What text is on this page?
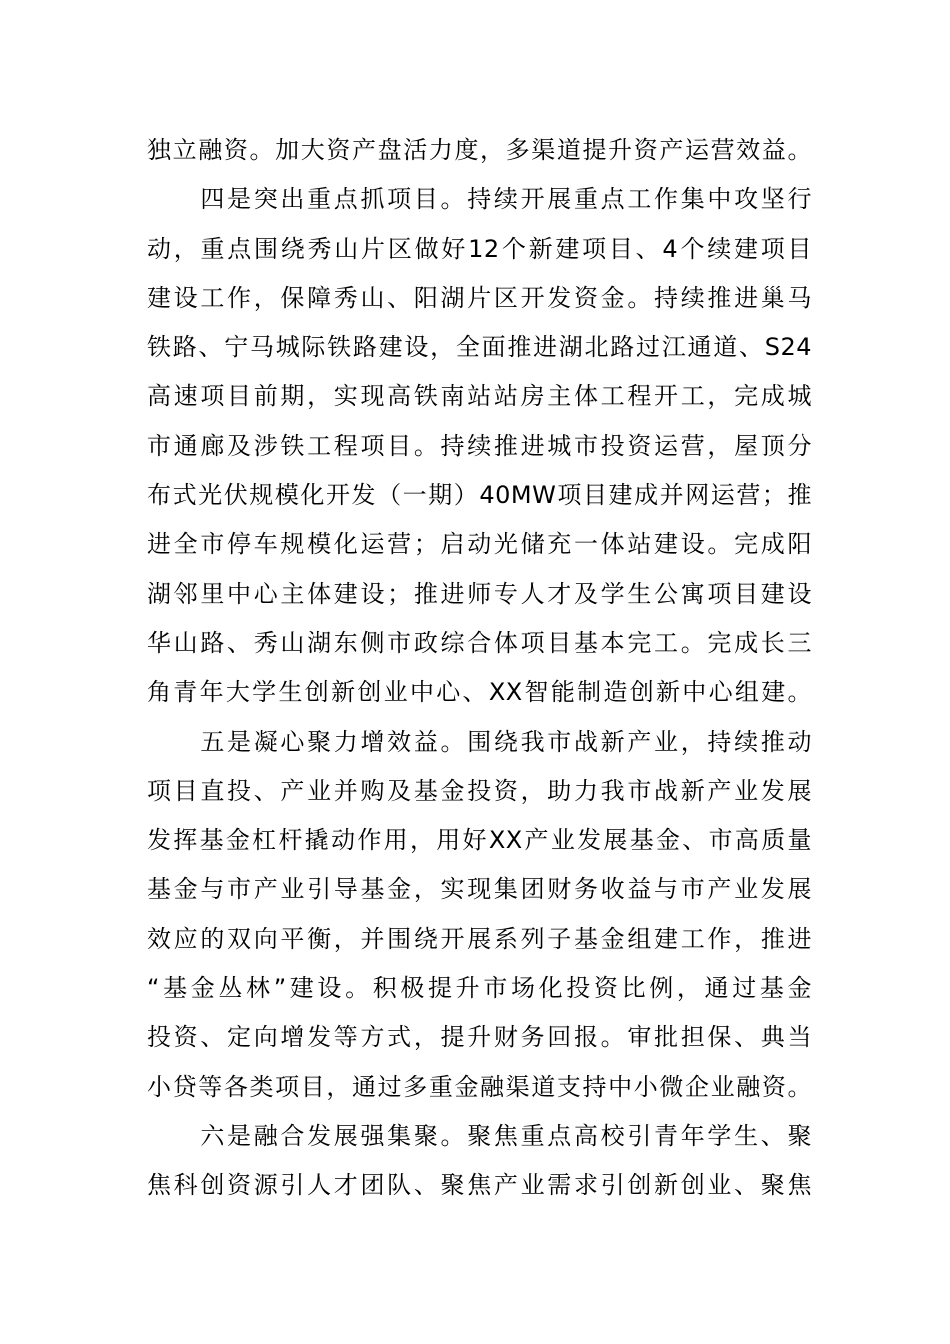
独立融资。加大资产盘活力度，多渠道提升资产运营效益。
　　四是突出重点抓项目。持续开展重点工作集中攻坚行
动，重点围绕秀山片区做好12个新建项目、4个续建项目
建设工作，保障秀山、阳湖片区开发资金。持续推进巢马
铁路、宁马城际铁路建设，全面推进湖北路过江通道、S24
高速项目前期，实现高铁南站站房主体工程开工，完成城
市通廊及涉铁工程项目。持续推进城市投资运营，屋顶分
布式光伏规模化开发（一期）40MW项目建成并网运营；推
进全市停车规模化运营；启动光储充一体站建设。完成阳
湖邻里中心主体建设；推进师专人才及学生公寓项目建设
华山路、秀山湖东侧市政综合体项目基本完工。完成长三
角青年大学生创新创业中心、XX智能制造创新中心组建。
　　五是凝心聚力增效益。围绕我市战新产业，持续推动
项目直投、产业并购及基金投资，助力我市战新产业发展
发挥基金杠杆撬动作用，用好XX产业发展基金、市高质量
基金与市产业引导基金，实现集团财务收益与市产业发展
效应的双向平衡，并围绕开展系列子基金组建工作，推进
“基金丛林”建设。积极提升市场化投资比例，通过基金
投资、定向增发等方式，提升财务回报。审批担保、典当
小贷等各类项目，通过多重金融渠道支持中小微企业融资。
　　六是融合发展强集聚。聚焦重点高校引青年学生、聚
焦科创资源引人才团队、聚焦产业需求引创新创业、聚焦
